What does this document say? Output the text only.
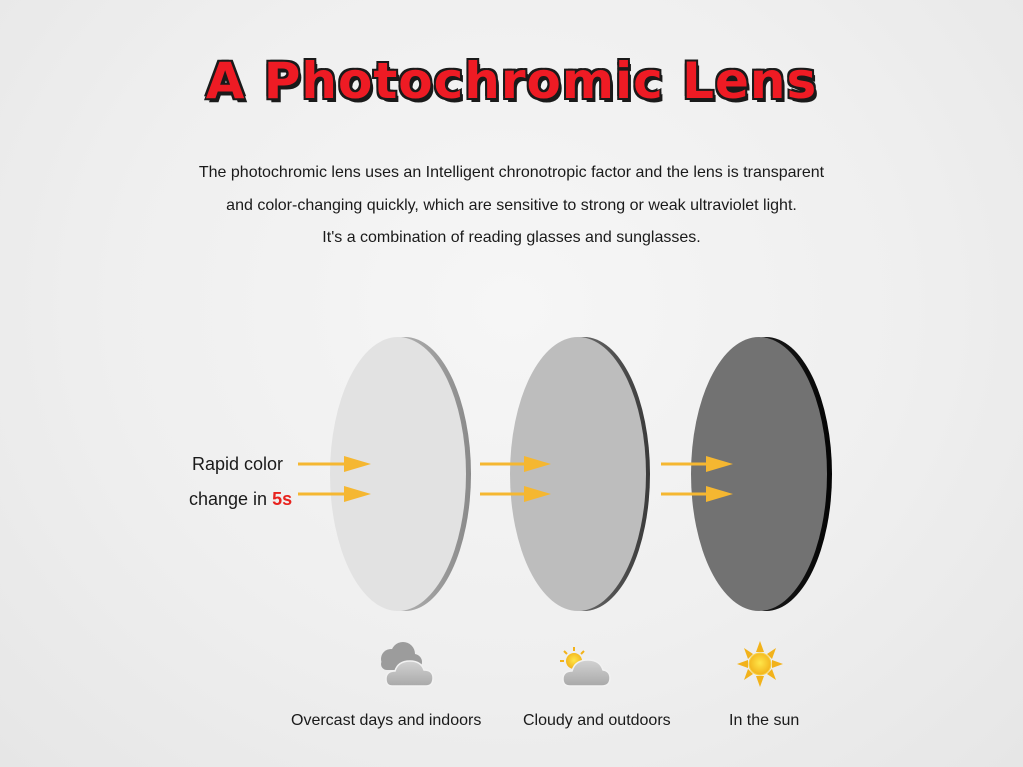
A Photochromic Lens
The photochromic lens uses an Intelligent chronotropic factor and the lens is transparent
and color-changing quickly, which are sensitive to strong or weak ultraviolet light.
It's a combination of reading glasses and sunglasses.
Rapid color
change in 5s
Overcast days and indoors	Cloudy and outdoors	In the sun
